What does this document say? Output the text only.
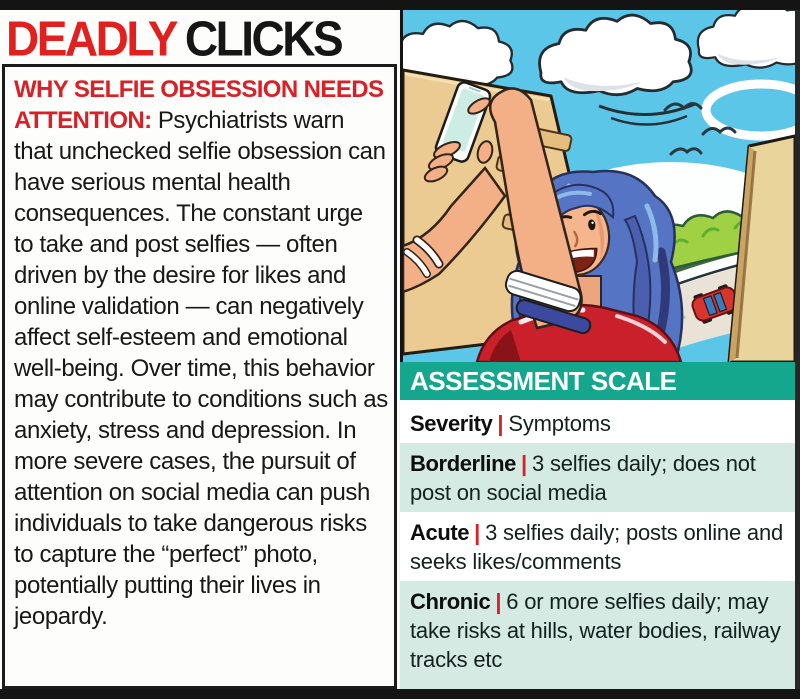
DEADLY CLICKS

WHY SELFIE OBSESSION NEEDS ATTENTION: Psychiatrists warn that unchecked selfie obsession can have serious mental health consequences. The constant urge to take and post selfies — often driven by the desire for likes and online validation — can negatively affect self-esteem and emotional well-being. Over time, this behavior may contribute to conditions such as anxiety, stress and depression. In more severe cases, the pursuit of attention on social media can push individuals to take dangerous risks to capture the “perfect” photo, potentially putting their lives in jeopardy.

ASSESSMENT SCALE
Severity | Symptoms
Borderline | 3 selfies daily; does not post on social media
Acute | 3 selfies daily; posts online and seeks likes/comments
Chronic | 6 or more selfies daily; may take risks at hills, water bodies, railway tracks etc
